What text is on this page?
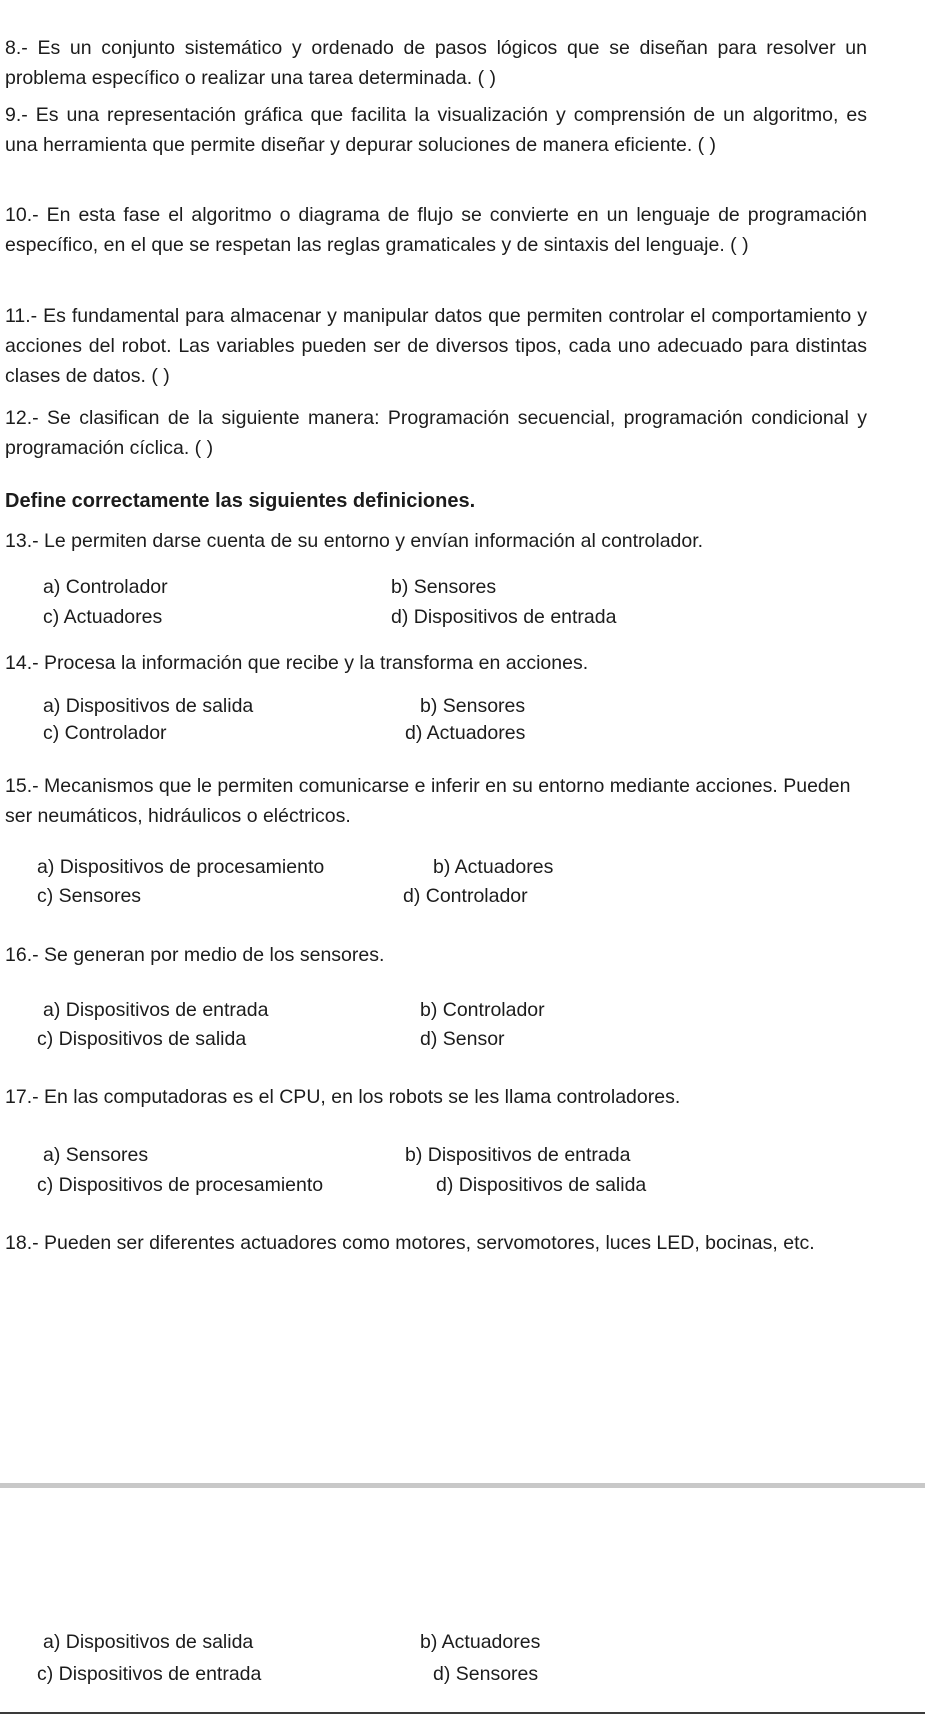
8.- Es un conjunto sistemático y ordenado de pasos lógicos que se diseñan para resolver un problema específico o realizar una tarea determinada. ( )
9.- Es una representación gráfica que facilita la visualización y comprensión de un algoritmo, es una herramienta que permite diseñar y depurar soluciones de manera eficiente. ( )
10.- En esta fase el algoritmo o diagrama de flujo se convierte en un lenguaje de programación específico, en el que se respetan las reglas gramaticales y de sintaxis del lenguaje. ( )
11.- Es fundamental para almacenar y manipular datos que permiten controlar el comportamiento y acciones del robot. Las variables pueden ser de diversos tipos, cada uno adecuado para distintas clases de datos. ( )
12.- Se clasifican de la siguiente manera: Programación secuencial, programación condicional y programación cíclica. ( )
Define correctamente las siguientes definiciones.
13.- Le permiten darse cuenta de su entorno y envían información al controlador.
a) Controlador	b) Sensores
c) Actuadores	d) Dispositivos de entrada
14.- Procesa la información que recibe y la transforma en acciones.
a) Dispositivos de salida	b) Sensores
c) Controlador	d) Actuadores
15.- Mecanismos que le permiten comunicarse e inferir en su entorno mediante acciones. Pueden ser neumáticos, hidráulicos o eléctricos.
a) Dispositivos de procesamiento	b) Actuadores
c) Sensores	d) Controlador
16.- Se generan por medio de los sensores.
a) Dispositivos de entrada	b) Controlador
c) Dispositivos de salida	d) Sensor
17.- En las computadoras es el CPU, en los robots se les llama controladores.
a) Sensores	b) Dispositivos de entrada
c) Dispositivos de procesamiento	d) Dispositivos de salida
18.- Pueden ser diferentes actuadores como motores, servomotores, luces LED, bocinas, etc.
a) Dispositivos de salida	b) Actuadores
c) Dispositivos de entrada	d) Sensores
